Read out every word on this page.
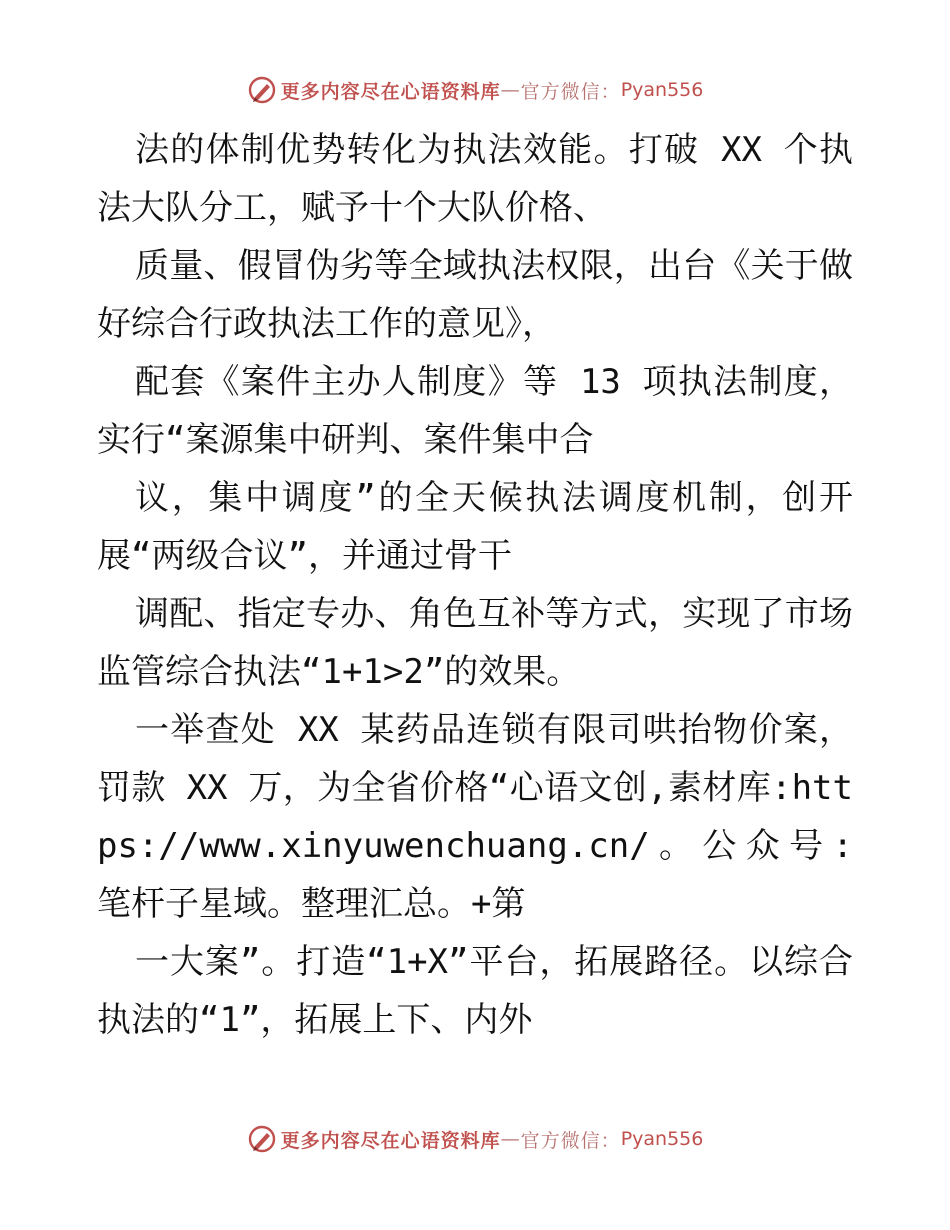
更多内容尽在心语资料库 — 官方微信： Pyan556

法的体制优势转化为执法效能。打破 XX 个执法大队分工，赋予十个大队价格、

质量、假冒伪劣等全域执法权限，出台《关于做好综合行政执法工作的意见》，

配套《案件主办人制度》等 13 项执法制度，实行“案源集中研判、案件集中合

议，集中调度”的全天候执法调度机制，创开展“两级合议”，并通过骨干

调配、指定专办、角色互补等方式，实现了市场监管综合执法“1+1>2”的效果。

一举查处 XX 某药品连锁有限司哄抬物价案，罚款 XX 万，为全省价格“心语文创,素材库:https://www.xinyuwenchuang.cn/。公众号: 笔杆子星域。整理汇总。+第

一大案”。打造“1+X”平台，拓展路径。以综合执法的“1”，拓展上下、内外

更多内容尽在心语资料库 — 官方微信： Pyan556
